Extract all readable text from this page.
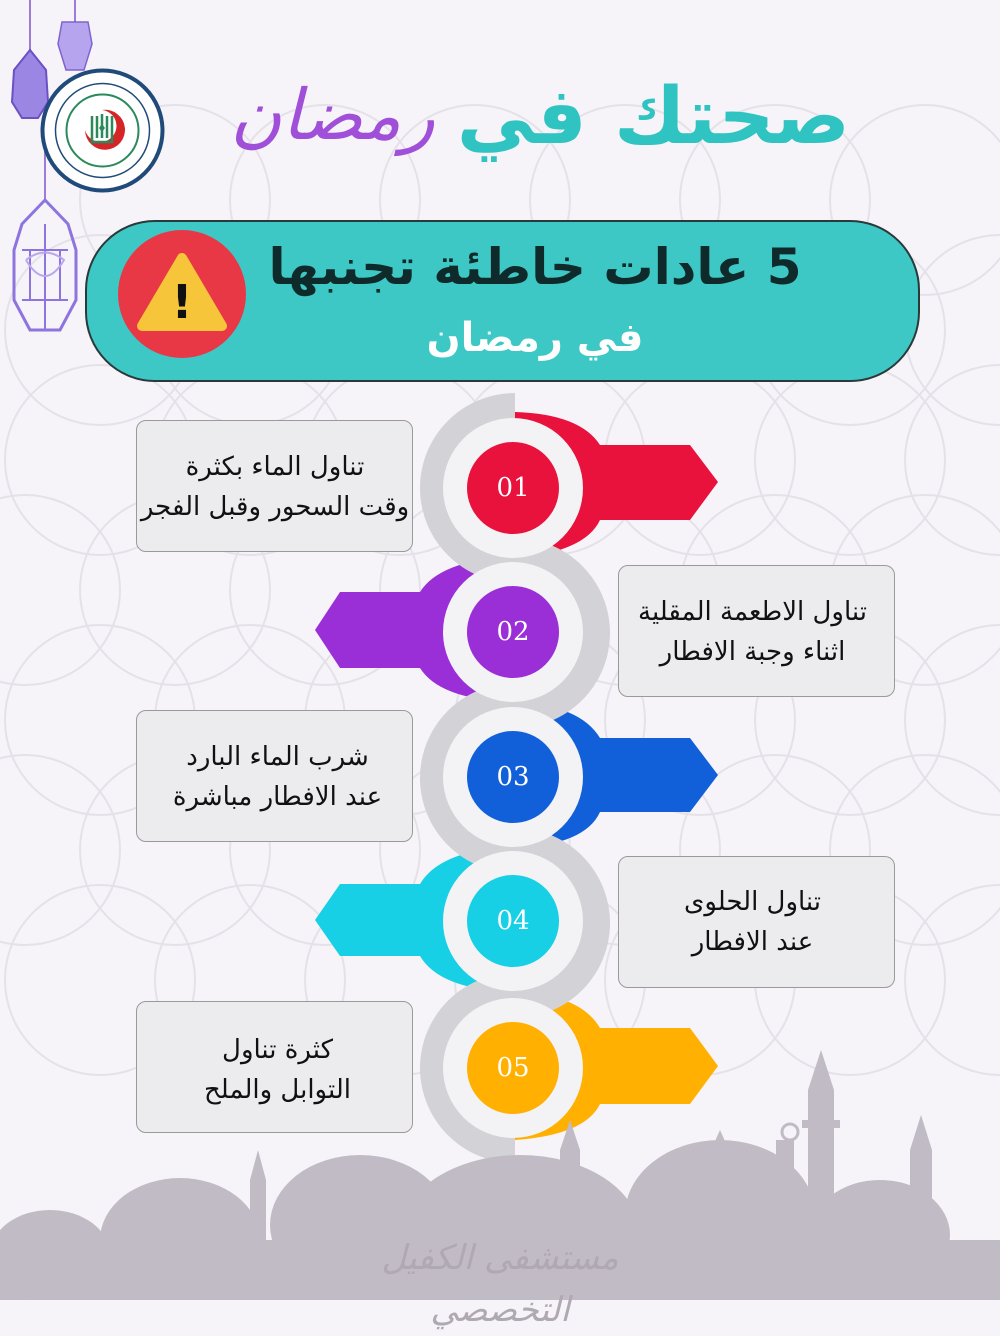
صحتك في
رمضان
!
5 عادات خاطئة تجنبها
في رمضان
تناول الماء بكثرة
وقت السحور وقبل الفجر
01
تناول الاطعمة المقلية
اثناء وجبة الافطار
02
شرب الماء البارد
عند الافطار مباشرة
03
تناول الحلوى
عند الافطار
04
كثرة تناول
التوابل والملح
05
مستشفى الكفيل التخصصي
